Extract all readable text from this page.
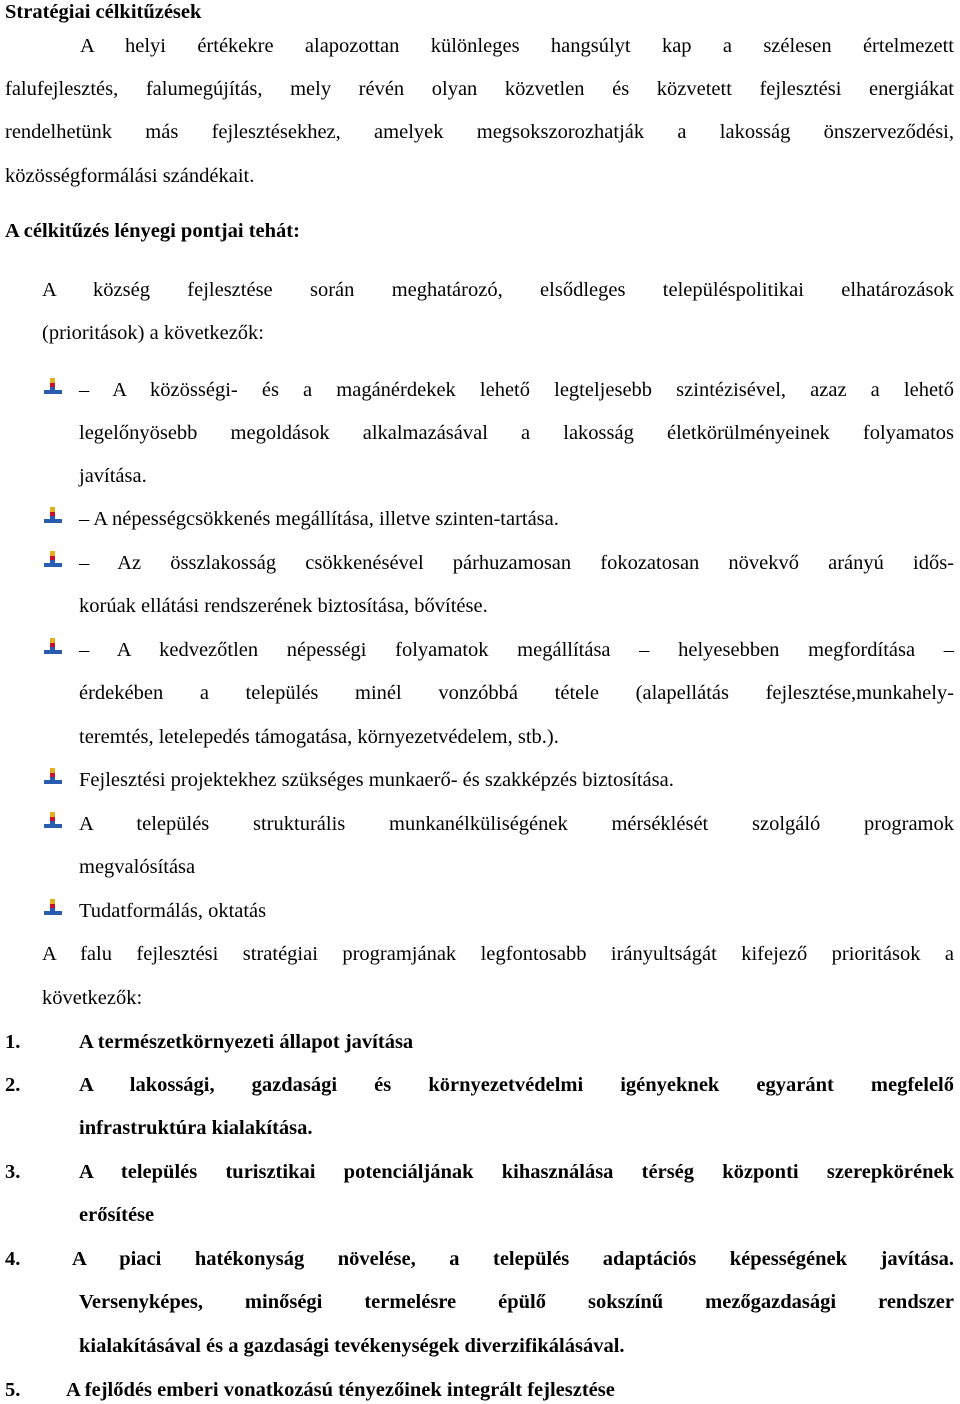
Stratégiai célkitűzések
A helyi értékekre alapozottan különleges hangsúlyt kap a szélesen értelmezett
falufejlesztés, falumegújítás, mely révén olyan közvetlen és közvetett fejlesztési energiákat
rendelhetünk más fejlesztésekhez, amelyek megsokszorozhatják a lakosság önszerveződési,
közösségformálási szándékait.
A célkitűzés lényegi pontjai tehát:
A község fejlesztése során meghatározó, elsődleges településpolitikai elhatározások
(prioritások) a következők:
– A közösségi- és a magánérdekek lehető legteljesebb szintézisével, azaz a lehető
legelőnyösebb megoldások alkalmazásával a lakosság életkörülményeinek folyamatos
javítása.
– A népességcsökkenés megállítása, illetve szinten-tartása.
– Az összlakosság csökkenésével párhuzamosan fokozatosan növekvő arányú idős-
korúak ellátási rendszerének biztosítása, bővítése.
– A kedvezőtlen népességi folyamatok megállítása – helyesebben megfordítása –
érdekében a település minél vonzóbbá tétele (alapellátás fejlesztése,munkahely-
teremtés, letelepedés támogatása, környezetvédelem, stb.).
Fejlesztési projektekhez szükséges munkaerő- és szakképzés biztosítása.
A település strukturális munkanélküliségének mérséklését szolgáló programok
megvalósítása
Tudatformálás, oktatás
A falu fejlesztési stratégiai programjának legfontosabb irányultságát kifejező prioritások a
következők:
1.	A természetkörnyezeti állapot javítása
2.	A lakossági, gazdasági és környezetvédelmi igényeknek egyaránt megfelelő
infrastruktúra kialakítása.
3.	A település turisztikai potenciáljának kihasználása térség központi szerepkörének
erősítése
4.	A piaci hatékonyság növelése, a település adaptációs képességének javítása.
Versenyképes, minőségi termelésre épülő sokszínű mezőgazdasági rendszer
kialakításával és a gazdasági tevékenységek diverzifikálásával.
5. A fejlődés emberi vonatkozású tényezőinek integrált fejlesztése
